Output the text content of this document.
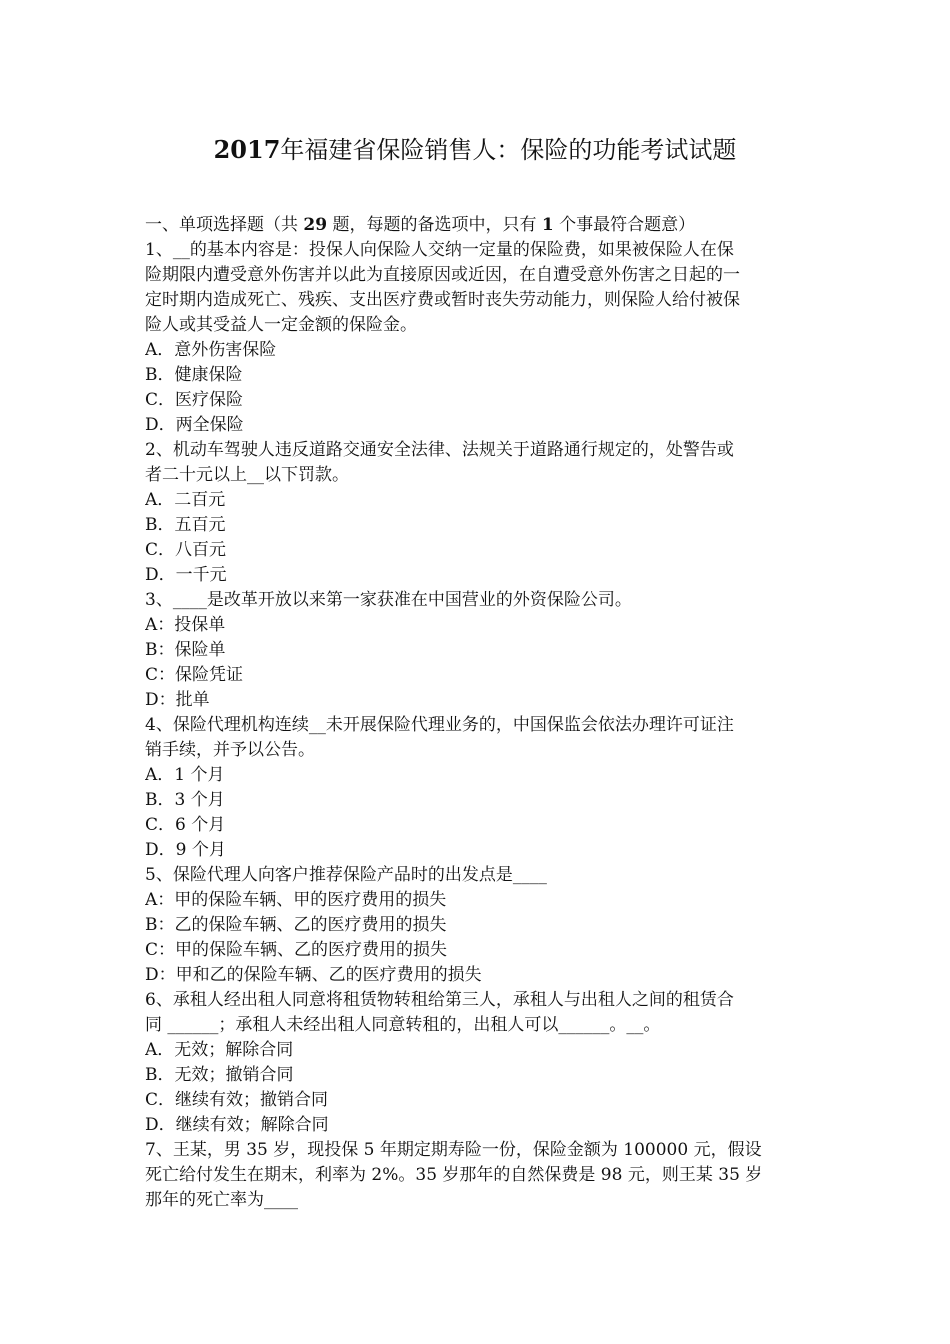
2017年福建省保险销售人：保险的功能考试试题
一、单项选择题（共 29 题，每题的备选项中，只有 1 个事最符合题意）
1、__的基本内容是：投保人向保险人交纳一定量的保险费，如果被保险人在保
险期限内遭受意外伤害并以此为直接原因或近因，在自遭受意外伤害之日起的一
定时期内造成死亡、残疾、支出医疗费或暂时丧失劳动能力，则保险人给付被保
险人或其受益人一定金额的保险金。
A．意外伤害保险
B．健康保险
C．医疗保险
D．两全保险
2、机动车驾驶人违反道路交通安全法律、法规关于道路通行规定的，处警告或
者二十元以上__以下罚款。
A．二百元
B．五百元
C．八百元
D．一千元
3、____是改革开放以来第一家获准在中国营业的外资保险公司。
A：投保单
B：保险单
C：保险凭证
D：批单
4、保险代理机构连续__未开展保险代理业务的，中国保监会依法办理许可证注
销手续，并予以公告。
A．1 个月
B．3 个月
C．6 个月
D．9 个月
5、保险代理人向客户推荐保险产品时的出发点是____
A：甲的保险车辆、甲的医疗费用的损失
B：乙的保险车辆、乙的医疗费用的损失
C：甲的保险车辆、乙的医疗费用的损失
D：甲和乙的保险车辆、乙的医疗费用的损失
6、承租人经出租人同意将租赁物转租给第三人，承租人与出租人之间的租赁合
同 ______；承租人未经出租人同意转租的，出租人可以______。__。
A．无效；解除合同
B．无效；撤销合同
C．继续有效；撤销合同
D．继续有效；解除合同
7、王某，男 35 岁，现投保 5 年期定期寿险一份，保险金额为 100000 元，假设
死亡给付发生在期末，利率为 2%。35 岁那年的自然保费是 98 元，则王某 35 岁
那年的死亡率为____
